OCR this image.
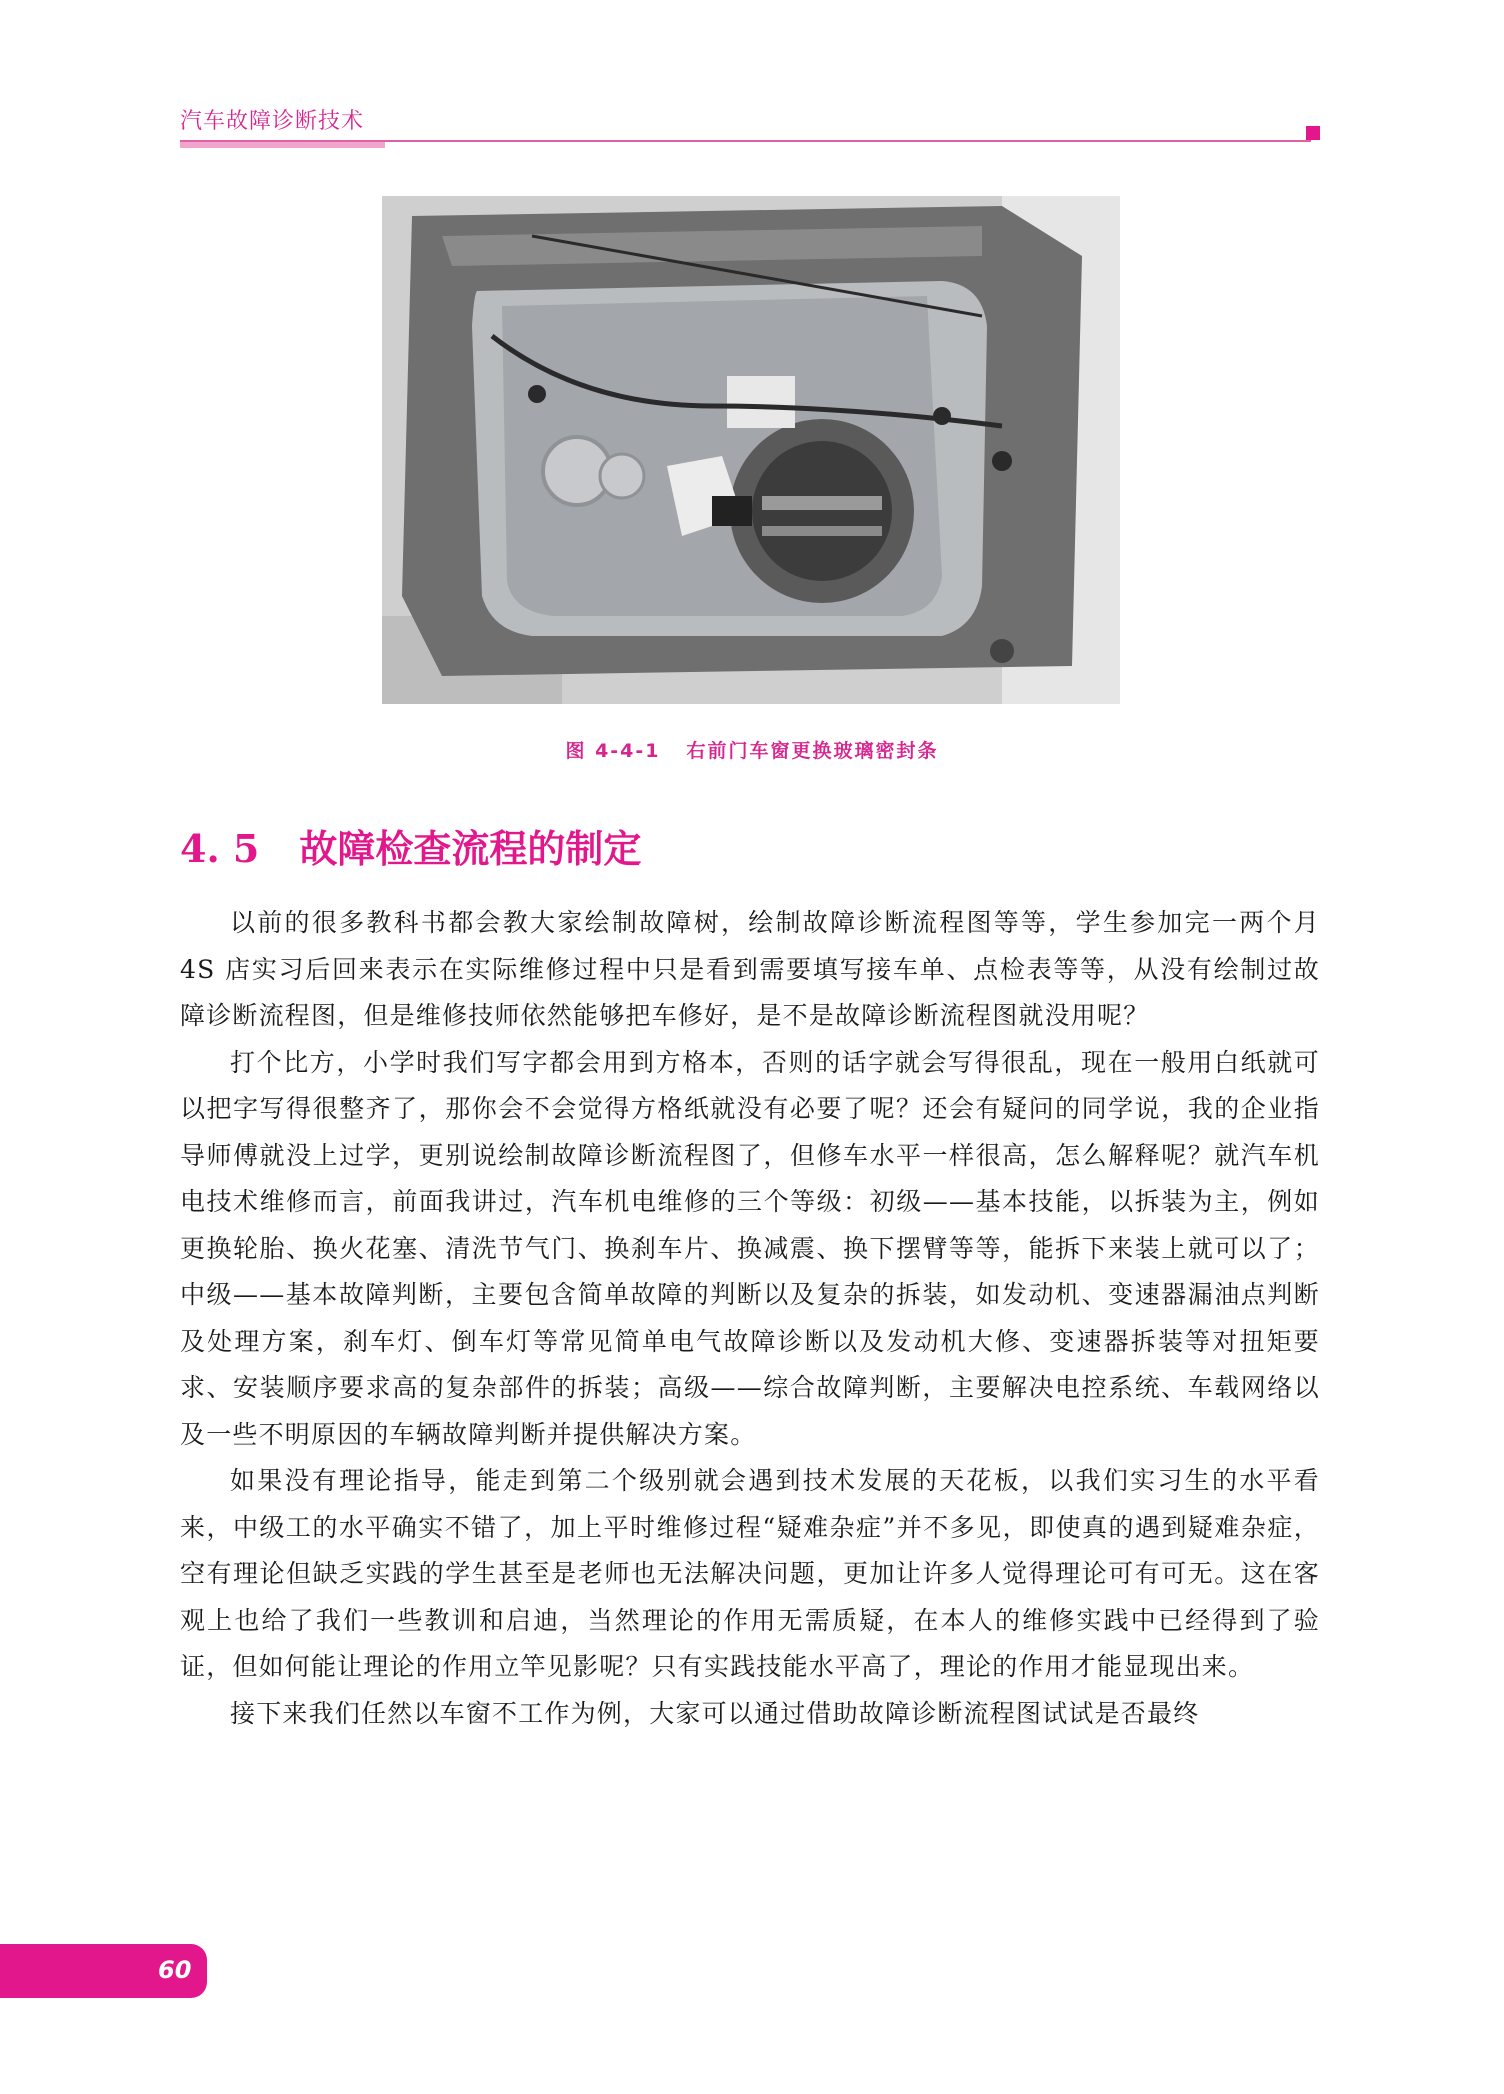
汽车故障诊断技术
图 4-4-1 右前门车窗更换玻璃密封条
4. 5 故障检查流程的制定

以前的很多教科书都会教大家绘制故障树，绘制故障诊断流程图等等，学生参加完一两个月 4S 店实习后回来表示在实际维修过程中只是看到需要填写接车单、点检表等等，从没有绘制过故障诊断流程图，但是维修技师依然能够把车修好，是不是故障诊断流程图就没用呢？

打个比方，小学时我们写字都会用到方格本，否则的话字就会写得很乱，现在一般用白纸就可以把字写得很整齐了，那你会不会觉得方格纸就没有必要了呢？还会有疑问的同学说，我的企业指导师傅就没上过学，更别说绘制故障诊断流程图了，但修车水平一样很高，怎么解释呢？就汽车机电技术维修而言，前面我讲过，汽车机电维修的三个等级：初级——基本技能，以拆装为主，例如更换轮胎、换火花塞、清洗节气门、换刹车片、换减震、换下摆臂等等，能拆下来装上就可以了；中级——基本故障判断，主要包含简单故障的判断以及复杂的拆装，如发动机、变速器漏油点判断及处理方案，刹车灯、倒车灯等常见简单电气故障诊断以及发动机大修、变速器拆装等对扭矩要求、安装顺序要求高的复杂部件的拆装；高级——综合故障判断，主要解决电控系统、车载网络以及一些不明原因的车辆故障判断并提供解决方案。

如果没有理论指导，能走到第二个级别就会遇到技术发展的天花板，以我们实习生的水平看来，中级工的水平确实不错了，加上平时维修过程“疑难杂症”并不多见，即使真的遇到疑难杂症，空有理论但缺乏实践的学生甚至是老师也无法解决问题，更加让许多人觉得理论可有可无。这在客观上也给了我们一些教训和启迪，当然理论的作用无需质疑，在本人的维修实践中已经得到了验证，但如何能让理论的作用立竿见影呢？只有实践技能水平高了，理论的作用才能显现出来。

接下来我们任然以车窗不工作为例，大家可以通过借助故障诊断流程图试试是否最终

60
